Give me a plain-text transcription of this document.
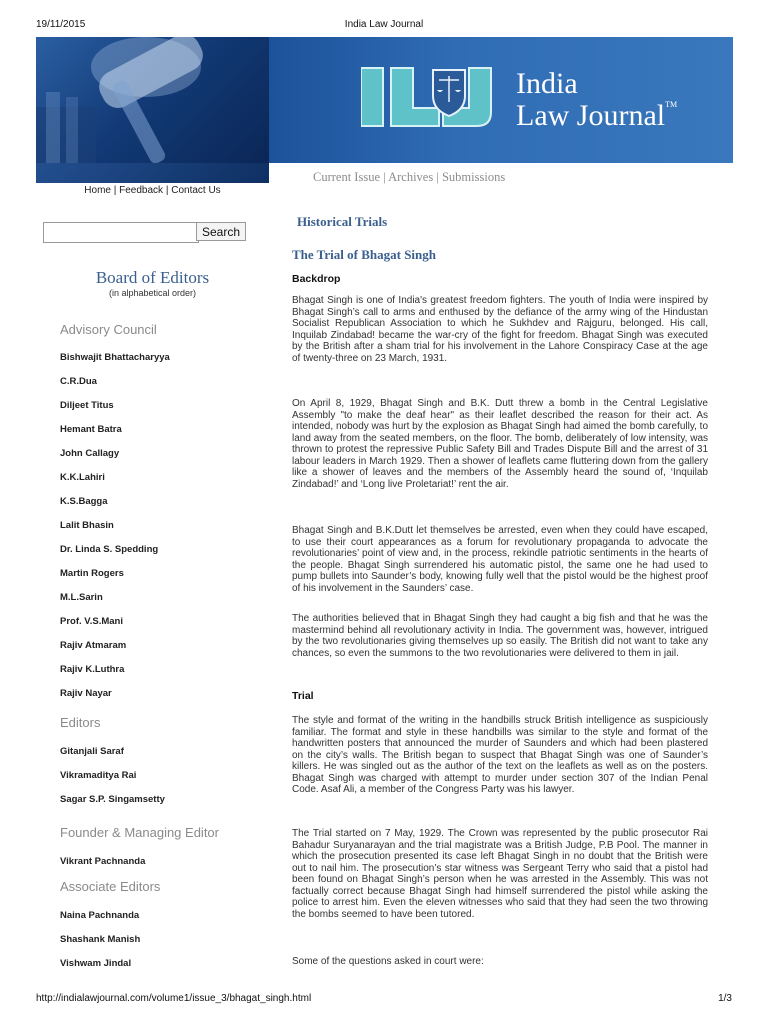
19/11/2015	India Law Journal
India
Law Journal™
Home | Feedback | Contact Us
Search
Board of Editors
(in alphabetical order)
Advisory Council
Bishwajit Bhattacharyya
C.R.Dua
Diljeet Titus
Hemant Batra
John Callagy
K.K.Lahiri
K.S.Bagga
Lalit Bhasin
Dr. Linda S. Spedding
Martin Rogers
M.L.Sarin
Prof. V.S.Mani
Rajiv Atmaram
Rajiv K.Luthra
Rajiv Nayar
Editors
Gitanjali Saraf
Vikramaditya Rai
Sagar S.P. Singamsetty
Founder & Managing Editor
Vikrant Pachnanda
Associate Editors
Naina Pachnanda
Shashank Manish
Vishwam Jindal
Current Issue | Archives | Submissions
Historical Trials
The Trial of Bhagat Singh
Backdrop

Bhagat Singh is one of India's greatest freedom fighters. The youth of India were inspired by Bhagat Singh’s call to arms and enthused by the defiance of the army wing of the Hindustan Socialist Republican Association to which he Sukhdev and Rajguru, belonged. His call, Inquilab Zindabad! became the war-cry of the fight for freedom. Bhagat Singh was executed by the British after a sham trial for his involvement in the Lahore Conspiracy Case at the age of twenty-three on 23 March, 1931.

On April 8, 1929, Bhagat Singh and B.K. Dutt threw a bomb in the Central Legislative Assembly "to make the deaf hear" as their leaflet described the reason for their act. As intended, nobody was hurt by the explosion as Bhagat Singh had aimed the bomb carefully, to land away from the seated members, on the floor. The bomb, deliberately of low intensity, was thrown to protest the repressive Public Safety Bill and Trades Dispute Bill and the arrest of 31 labour leaders in March 1929. Then a shower of leaflets came fluttering down from the gallery like a shower of leaves and the members of the Assembly heard the sound of, ‘Inquilab Zindabad!’ and ‘Long live Proletariat!’ rent the air.

Bhagat Singh and B.K.Dutt let themselves be arrested, even when they could have escaped, to use their court appearances as a forum for revolutionary propaganda to advocate the revolutionaries’ point of view and, in the process, rekindle patriotic sentiments in the hearts of the people. Bhagat Singh surrendered his automatic pistol, the same one he had used to pump bullets into Saunder’s body, knowing fully well that the pistol would be the highest proof of his involvement in the Saunders’ case.

The authorities believed that in Bhagat Singh they had caught a big fish and that he was the mastermind behind all revolutionary activity in India. The government was, however, intrigued by the two revolutionaries giving themselves up so easily. The British did not want to take any chances, so even the summons to the two revolutionaries were delivered to them in jail.

Trial

The style and format of the writing in the handbills struck British intelligence as suspiciously familiar. The format and style in these handbills was similar to the style and format of the handwritten posters that announced the murder of Saunders and which had been plastered on the city’s walls. The British began to suspect that Bhagat Singh was one of Saunder’s killers. He was singled out as the author of the text on the leaflets as well as on the posters. Bhagat Singh was charged with attempt to murder under section 307 of the Indian Penal Code. Asaf Ali, a member of the Congress Party was his lawyer.

The Trial started on 7 May, 1929. The Crown was represented by the public prosecutor Rai Bahadur Suryanarayan and the trial magistrate was a British Judge, P.B Pool. The manner in which the prosecution presented its case left Bhagat Singh in no doubt that the British were out to nail him. The prosecution’s star witness was Sergeant Terry who said that a pistol had been found on Bhagat Singh’s person when he was arrested in the Assembly. This was not factually correct because Bhagat Singh had himself surrendered the pistol while asking the police to arrest him. Even the eleven witnesses who said that they had seen the two throwing the bombs seemed to have been tutored.

Some of the questions asked in court were:

http://indialawjournal.com/volume1/issue_3/bhagat_singh.html	1/3
